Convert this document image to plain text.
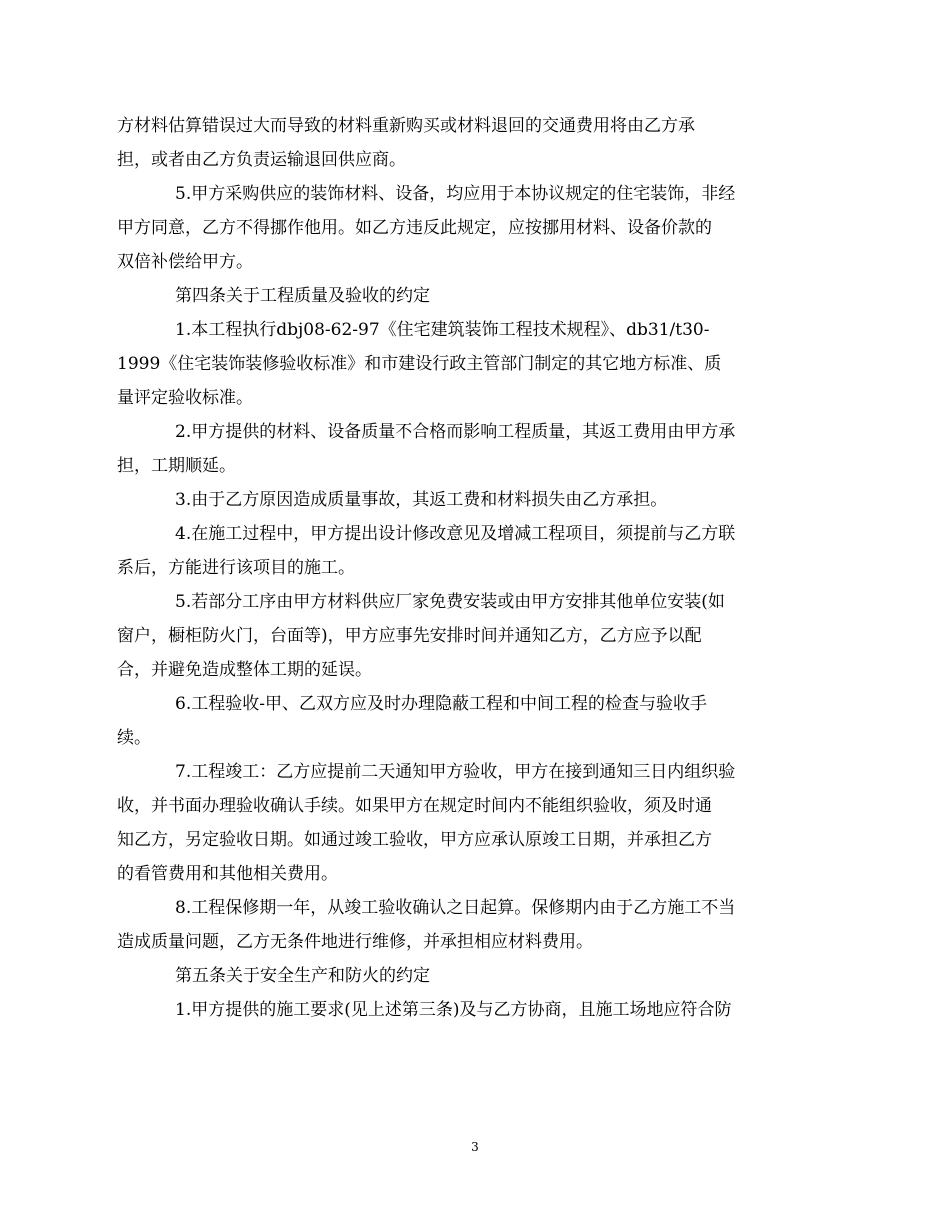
方材料估算错误过大而导致的材料重新购买或材料退回的交通费用将由乙方承
担，或者由乙方负责运输退回供应商。
5.甲方采购供应的装饰材料、设备，均应用于本协议规定的住宅装饰，非经
甲方同意，乙方不得挪作他用。如乙方违反此规定，应按挪用材料、设备价款的
双倍补偿给甲方。
第四条关于工程质量及验收的约定
1.本工程执行dbj08-62-97《住宅建筑装饰工程技术规程》、db31/t30-
1999《住宅装饰装修验收标准》和市建设行政主管部门制定的其它地方标准、质
量评定验收标准。
2.甲方提供的材料、设备质量不合格而影响工程质量，其返工费用由甲方承
担，工期顺延。
3.由于乙方原因造成质量事故，其返工费和材料损失由乙方承担。
4.在施工过程中，甲方提出设计修改意见及增减工程项目，须提前与乙方联
系后，方能进行该项目的施工。
5.若部分工序由甲方材料供应厂家免费安装或由甲方安排其他单位安装(如
窗户，橱柜防火门，台面等)，甲方应事先安排时间并通知乙方，乙方应予以配
合，并避免造成整体工期的延误。
6.工程验收-甲、乙双方应及时办理隐蔽工程和中间工程的检查与验收手
续。
7.工程竣工：乙方应提前二天通知甲方验收，甲方在接到通知三日内组织验
收，并书面办理验收确认手续。如果甲方在规定时间内不能组织验收，须及时通
知乙方，另定验收日期。如通过竣工验收，甲方应承认原竣工日期，并承担乙方
的看管费用和其他相关费用。
8.工程保修期一年，从竣工验收确认之日起算。保修期内由于乙方施工不当
造成质量问题，乙方无条件地进行维修，并承担相应材料费用。
第五条关于安全生产和防火的约定
1.甲方提供的施工要求(见上述第三条)及与乙方协商，且施工场地应符合防
3
